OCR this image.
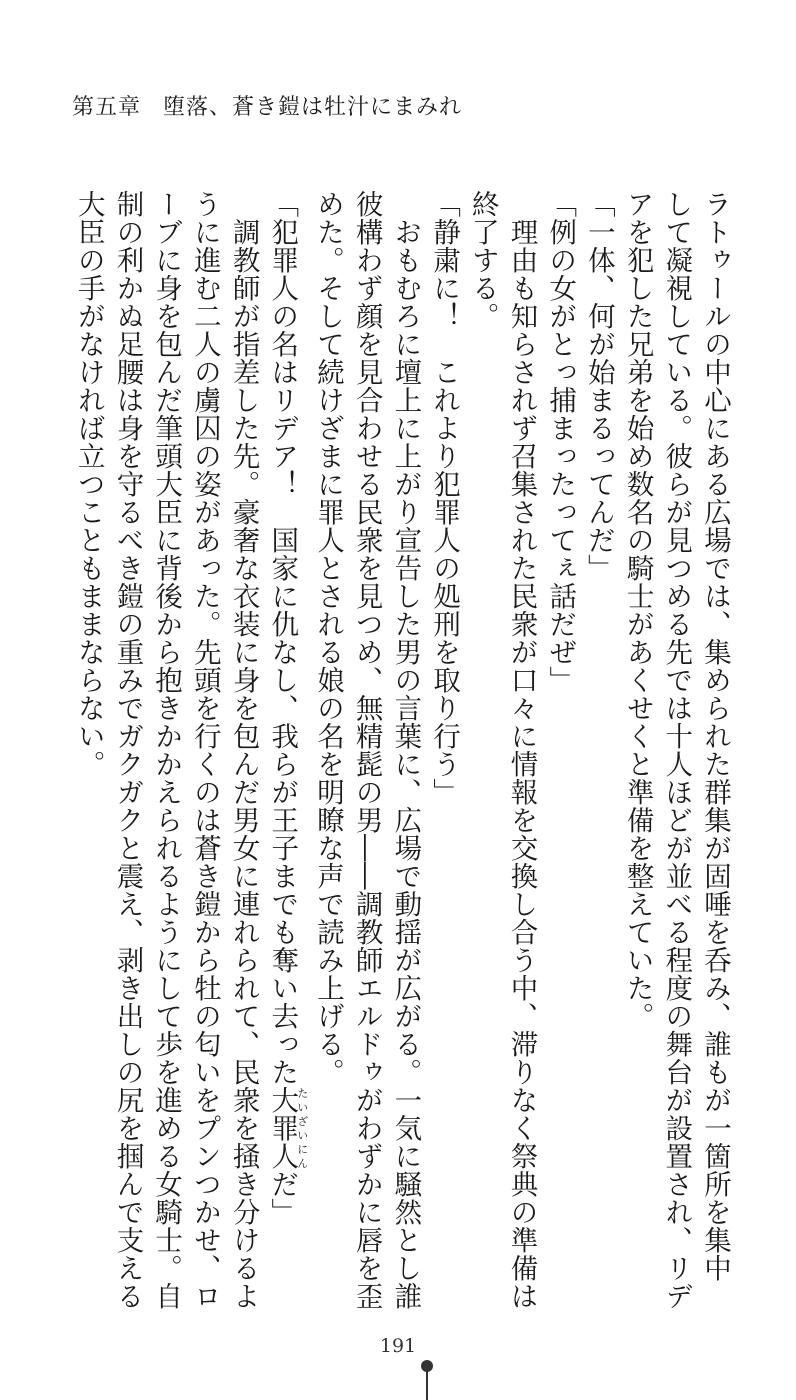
第五章 堕落、蒼き鎧は牡汁にまみれ

ラトゥールの中心にある広場では、集められた群集が固唾を呑み、誰もが一箇所を集中

して凝視している。彼らが見つめる先では十人ほどが並べる程度の舞台が設置され、リデ

アを犯した兄弟を始め数名の騎士があくせくと準備を整えていた。

「一体、何が始まるってんだ」

「例の女がとっ捕まったってぇ話だぜ」

　理由も知らされず召集された民衆が口々に情報を交換し合う中、滞りなく祭典の準備は

終了する。

「静粛に！　これより犯罪人の処刑を取り行う」

　おもむろに壇上に上がり宣告した男の言葉に、広場で動揺が広がる。一気に騒然とし誰

彼構わず顔を見合わせる民衆を見つめ、無精髭の男――調教師エルドゥがわずかに唇を歪

めた。そして続けざまに罪人とされる娘の名を明瞭な声で読み上げる。

「犯罪人の名はリデア！　国家に仇なし、我らが王子までも奪い去った大罪人たいざいにんだ」

　調教師が指差した先。豪奢な衣装に身を包んだ男女に連れられて、民衆を掻き分けるよ

うに進む二人の虜囚の姿があった。先頭を行くのは蒼き鎧から牡の匂いをプンつかせ、ロ

ーブに身を包んだ筆頭大臣に背後から抱きかかえられるようにして歩を進める女騎士。自

制の利かぬ足腰は身を守るべき鎧の重みでガクガクと震え、剥き出しの尻を掴んで支える

大臣の手がなければ立つこともままならない。

191
